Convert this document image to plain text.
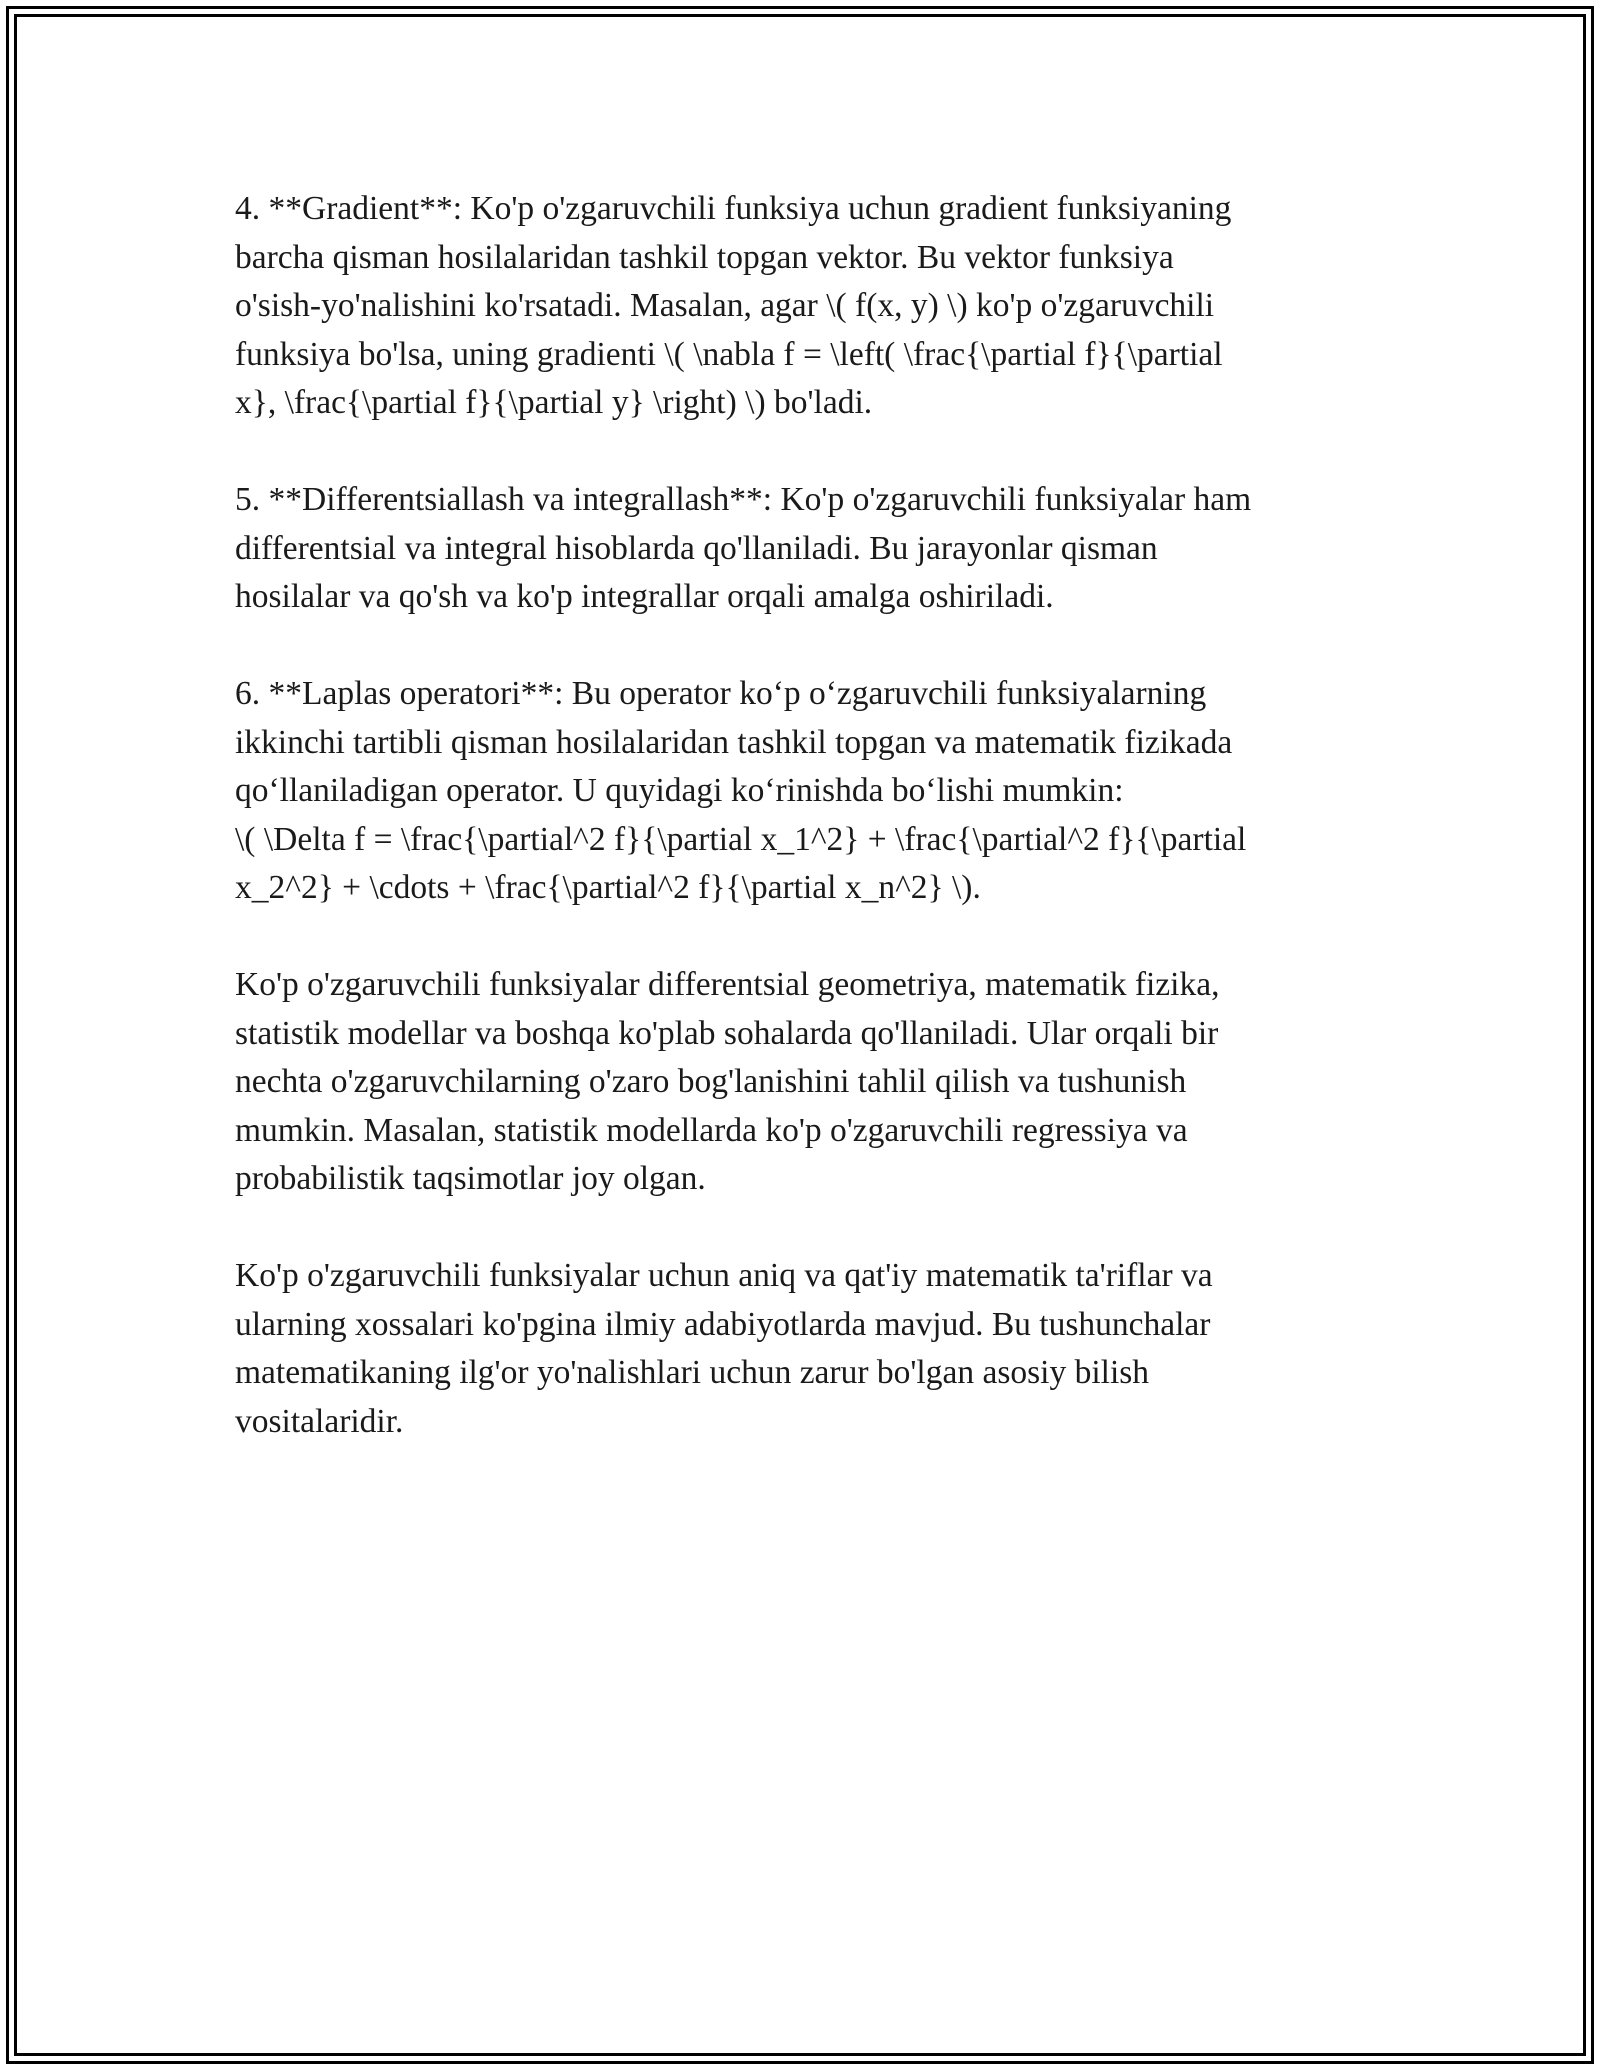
4. **Gradient**: Ko'p o'zgaruvchili funksiya uchun gradient funksiyaning
barcha qisman hosilalaridan tashkil topgan vektor. Bu vektor funksiya
o'sish-yo'nalishini ko'rsatadi. Masalan, agar \( f(x, y) \) ko'p o'zgaruvchili
funksiya bo'lsa, uning gradienti \( \nabla f = \left( \frac{\partial f}{\partial
x}, \frac{\partial f}{\partial y} \right) \) bo'ladi.

5. **Differentsiallash va integrallash**: Ko'p o'zgaruvchili funksiyalar ham
differentsial va integral hisoblarda qo'llaniladi. Bu jarayonlar qisman
hosilalar va qo'sh va ko'p integrallar orqali amalga oshiriladi.

6. **Laplas operatori**: Bu operator ko‘p o‘zgaruvchili funksiyalarning
ikkinchi tartibli qisman hosilalaridan tashkil topgan va matematik fizikada
qo‘llaniladigan operator. U quyidagi ko‘rinishda bo‘lishi mumkin:
\( \Delta f = \frac{\partial^2 f}{\partial x_1^2} + \frac{\partial^2 f}{\partial
x_2^2} + \cdots + \frac{\partial^2 f}{\partial x_n^2} \).

Ko'p o'zgaruvchili funksiyalar differentsial geometriya, matematik fizika,
statistik modellar va boshqa ko'plab sohalarda qo'llaniladi. Ular orqali bir
nechta o'zgaruvchilarning o'zaro bog'lanishini tahlil qilish va tushunish
mumkin. Masalan, statistik modellarda ko'p o'zgaruvchili regressiya va
probabilistik taqsimotlar joy olgan.

Ko'p o'zgaruvchili funksiyalar uchun aniq va qat'iy matematik ta'riflar va
ularning xossalari ko'pgina ilmiy adabiyotlarda mavjud. Bu tushunchalar
matematikaning ilg'or yo'nalishlari uchun zarur bo'lgan asosiy bilish
vositalaridir.
